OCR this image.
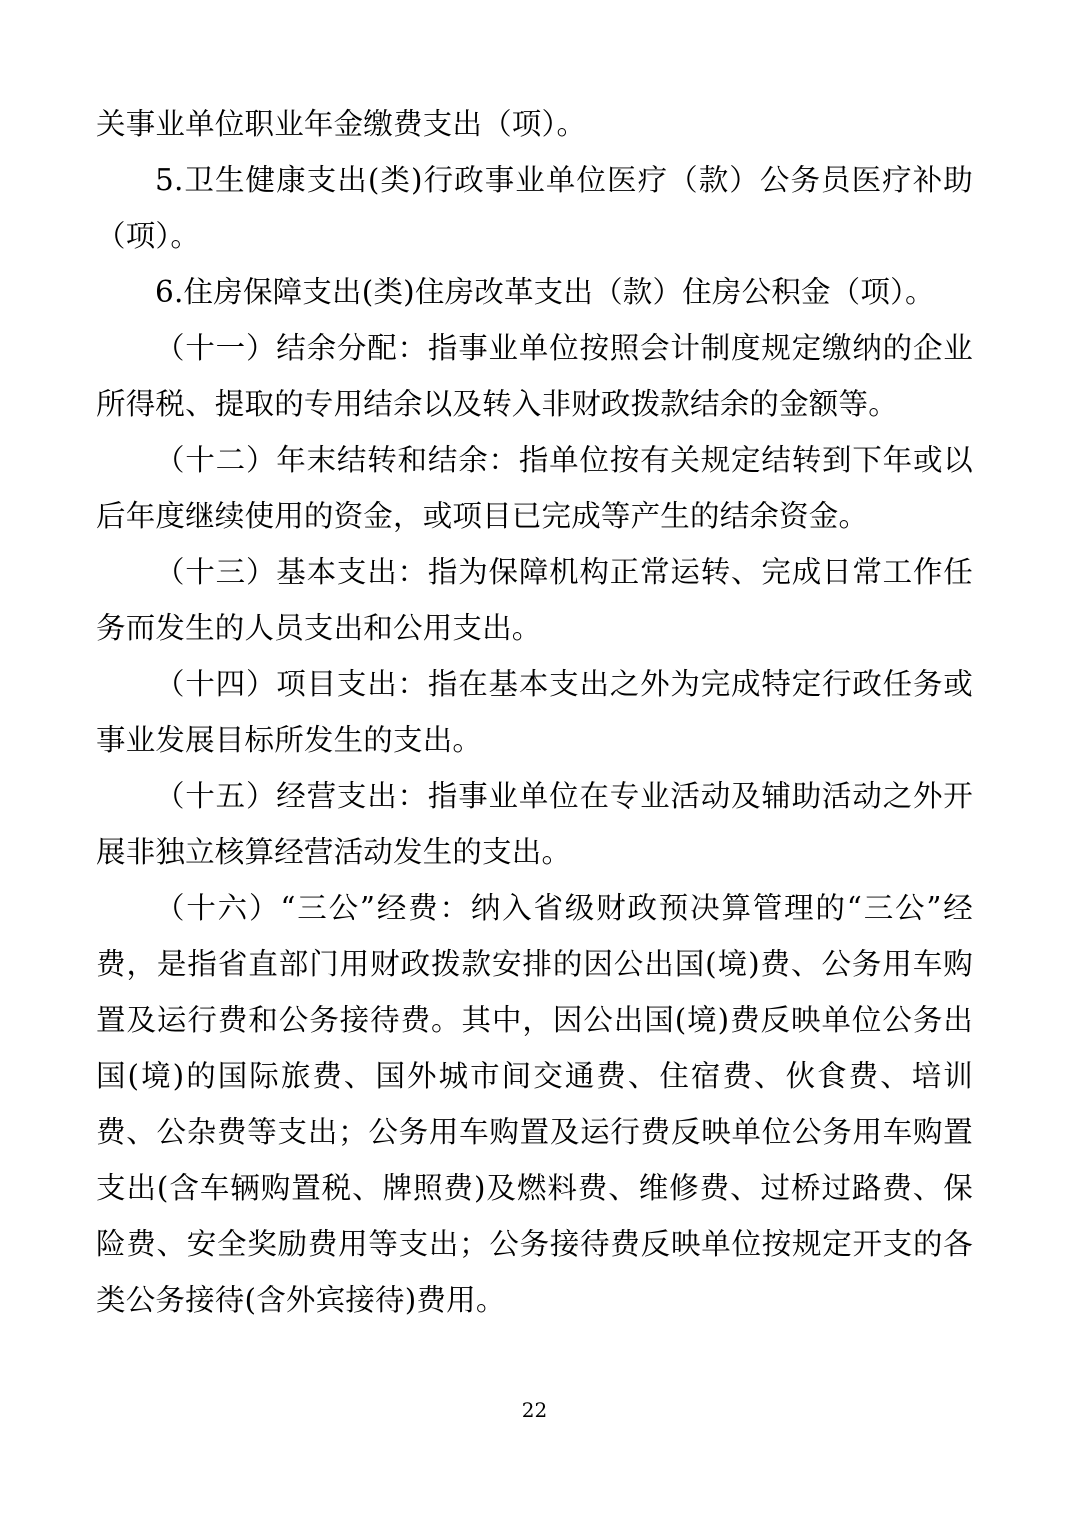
关事业单位职业年金缴费支出（项）。

5.卫生健康支出(类)行政事业单位医疗（款）公务员医疗补助（项）。

6.住房保障支出(类)住房改革支出（款）住房公积金（项）。

（十一）结余分配：指事业单位按照会计制度规定缴纳的企业所得税、提取的专用结余以及转入非财政拨款结余的金额等。

（十二）年末结转和结余：指单位按有关规定结转到下年或以后年度继续使用的资金，或项目已完成等产生的结余资金。

（十三）基本支出：指为保障机构正常运转、完成日常工作任务而发生的人员支出和公用支出。

（十四）项目支出：指在基本支出之外为完成特定行政任务或事业发展目标所发生的支出。

（十五）经营支出：指事业单位在专业活动及辅助活动之外开展非独立核算经营活动发生的支出。

（十六）“三公”经费：纳入省级财政预决算管理的“三公”经费，是指省直部门用财政拨款安排的因公出国(境)费、公务用车购置及运行费和公务接待费。其中，因公出国(境)费反映单位公务出国(境)的国际旅费、国外城市间交通费、住宿费、伙食费、培训费、公杂费等支出；公务用车购置及运行费反映单位公务用车购置支出(含车辆购置税、牌照费)及燃料费、维修费、过桥过路费、保险费、安全奖励费用等支出；公务接待费反映单位按规定开支的各类公务接待(含外宾接待)费用。

22
